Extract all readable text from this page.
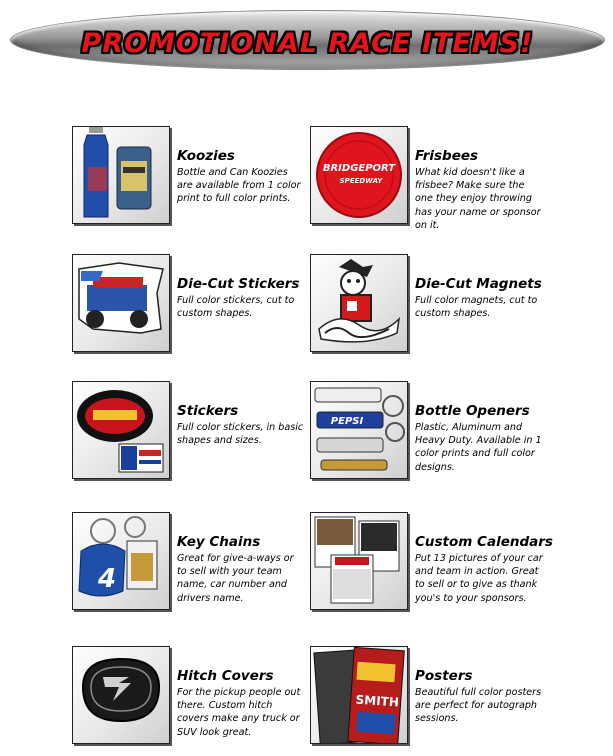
PROMOTIONAL RACE ITEMS!
Koozies
Bottle and Can Koozies are available from 1 color print to full color prints.
BRIDGEPORT
SPEEDWAY
Frisbees
What kid doesn't like a frisbee? Make sure the one they enjoy throwing has your name or sponsor on it.
Die-Cut Stickers
Full color stickers, cut to custom shapes.
Die-Cut Magnets
Full color magnets, cut to custom shapes.
Stickers
Full color stickers, in basic shapes and sizes.
PEPSI
Bottle Openers
Plastic, Aluminum and Heavy Duty. Available in 1 color prints and full color designs.
4
Key Chains
Great for give-a-ways or to sell with your team name, car number and drivers name.
Custom Calendars
Put 13 pictures of your car and team in action. Great to sell or to give as thank you's to your sponsors.
Hitch Covers
For the pickup people out there. Custom hitch covers make any truck or SUV look great.
SMITH
Posters
Beautiful full color posters are perfect for autograph sessions.
